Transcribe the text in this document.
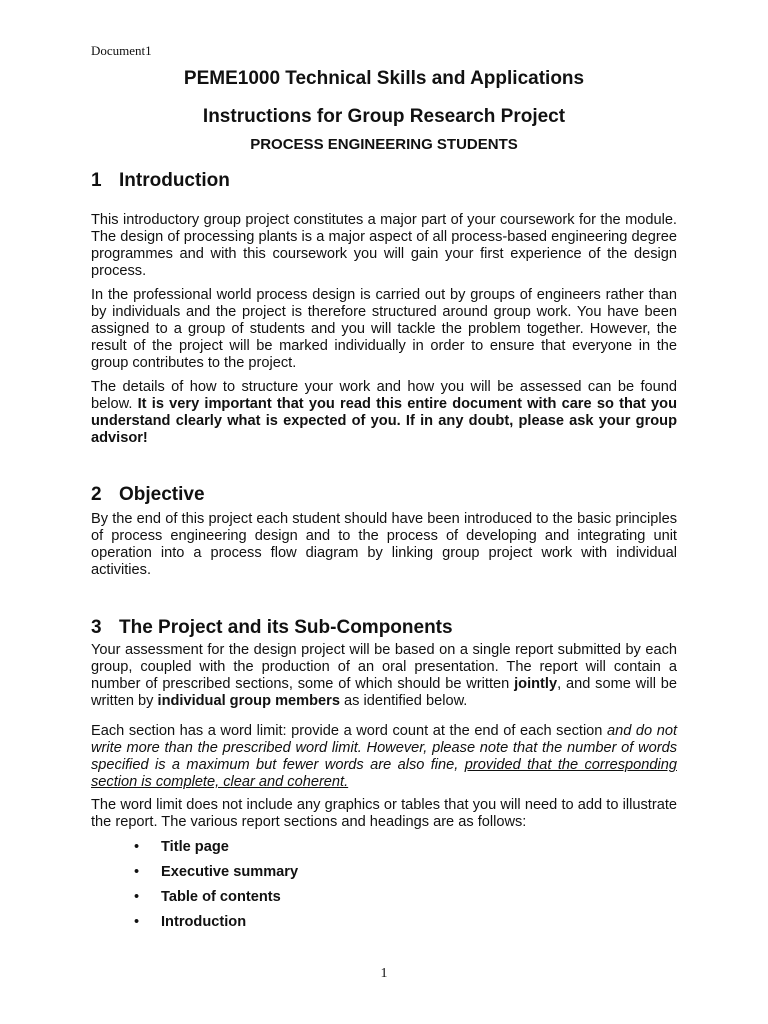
Document1
PEME1000 Technical Skills and Applications
Instructions for Group Research Project
PROCESS ENGINEERING STUDENTS
1 Introduction

This introductory group project constitutes a major part of your coursework for the module. The design of processing plants is a major aspect of all process-based engineering degree programmes and with this coursework you will gain your first experience of the design process.

In the professional world process design is carried out by groups of engineers rather than by individuals and the project is therefore structured around group work. You have been assigned to a group of students and you will tackle the problem together. However, the result of the project will be marked individually in order to ensure that everyone in the group contributes to the project.

The details of how to structure your work and how you will be assessed can be found below. It is very important that you read this entire document with care so that you understand clearly what is expected of you. If in any doubt, please ask your group advisor!

2 Objective

By the end of this project each student should have been introduced to the basic principles of process engineering design and to the process of developing and integrating unit operation into a process flow diagram by linking group project work with individual activities.

3 The Project and its Sub-Components

Your assessment for the design project will be based on a single report submitted by each group, coupled with the production of an oral presentation. The report will contain a number of prescribed sections, some of which should be written jointly, and some will be written by individual group members as identified below.

Each section has a word limit: provide a word count at the end of each section and do not write more than the prescribed word limit. However, please note that the number of words specified is a maximum but fewer words are also fine, provided that the corresponding section is complete, clear and coherent.

The word limit does not include any graphics or tables that you will need to add to illustrate the report. The various report sections and headings are as follows:

• Title page
• Executive summary
• Table of contents
• Introduction
1
